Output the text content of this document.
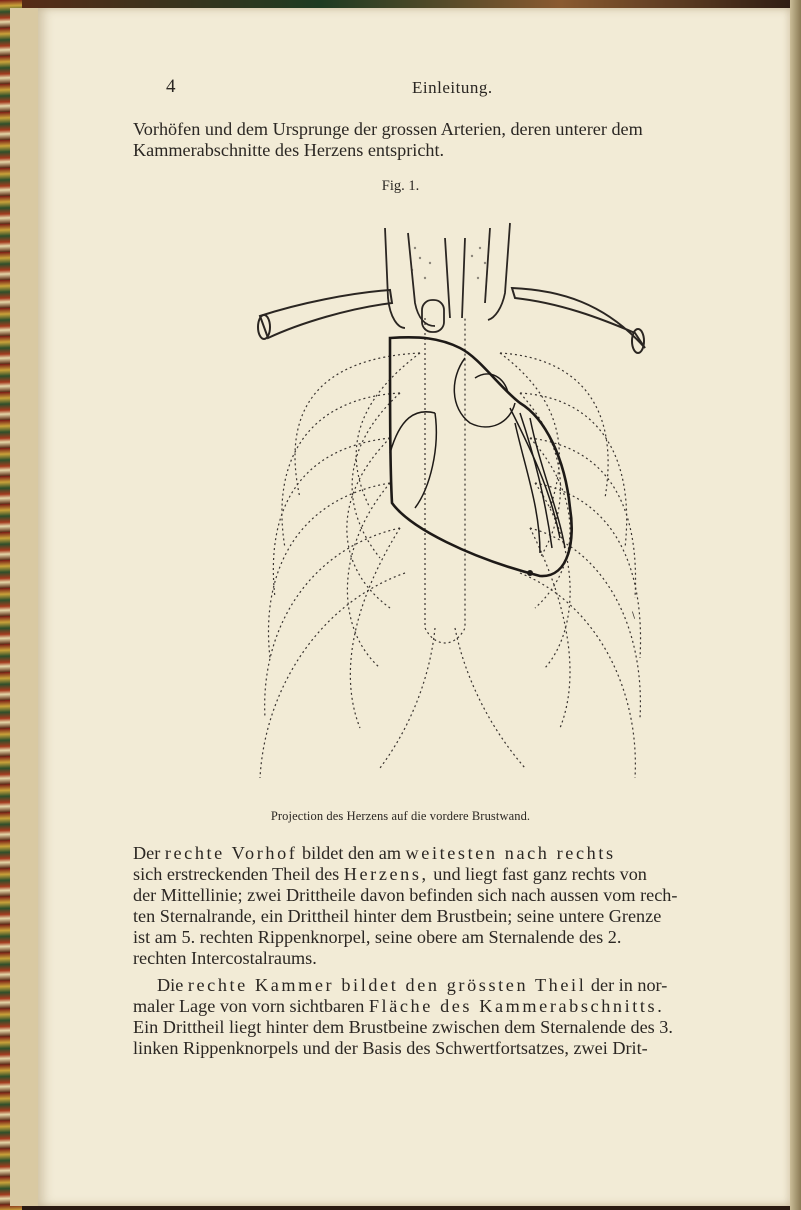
4	Einleitung.

Vorhöfen und dem Ursprunge der grossen Arterien, deren unterer dem
Kammerabschnitte des Herzens entspricht.

Fig. 1.
\
Projection des Herzens auf die vordere Brustwand.

Der rechte Vorhof bildet den am weitesten nach rechts
sich erstreckenden Theil des Herzens, und liegt fast ganz rechts von
der Mittellinie; zwei Drittheile davon befinden sich nach aussen vom rech-
ten Sternalrande, ein Drittheil hinter dem Brustbein; seine untere Grenze
ist am 5. rechten Rippenknorpel, seine obere am Sternalende des 2.
rechten Intercostalraums.

Die rechte Kammer bildet den grössten Theil der in nor-
maler Lage von vorn sichtbaren Fläche des Kammerabschnitts.
Ein Drittheil liegt hinter dem Brustbeine zwischen dem Sternalende des 3.
linken Rippenknorpels und der Basis des Schwertfortsatzes, zwei Drit-
